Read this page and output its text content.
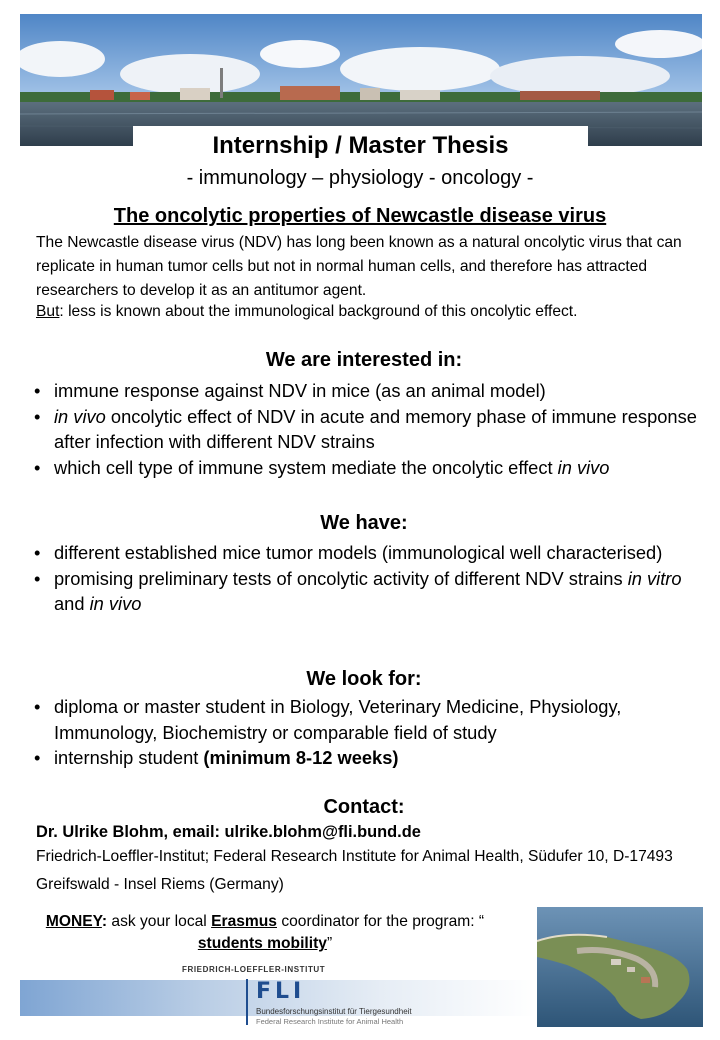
Internship / Master Thesis
- immunology – physiology - oncology -
The oncolytic properties of Newcastle disease virus
The Newcastle disease virus (NDV) has long been known as a natural oncolytic virus that can replicate in human tumor cells but not in normal human cells, and therefore has attracted researchers to develop it as an antitumor agent.
But: less is known about the immunological background of this oncolytic effect.
We are interested in:
• immune response against NDV in mice (as an animal model)
• in vivo oncolytic effect of NDV in acute and memory phase of immune response after infection with different NDV strains
• which cell type of immune system mediate the oncolytic effect in vivo
We have:
• different established mice tumor models (immunological well characterised)
• promising preliminary tests of oncolytic activity of different NDV strains in vitro and in vivo
We look for:
• diploma or master student in Biology, Veterinary Medicine, Physiology, Immunology, Biochemistry or comparable field of study
• internship student (minimum 8-12 weeks)
Contact:
Dr. Ulrike Blohm, email: ulrike.blohm@fli.bund.de
Friedrich-Loeffler-Institut; Federal Research Institute for Animal Health, Südufer 10, D-17493 Greifswald - Insel Riems (Germany)
MONEY: ask your local Erasmus coordinator for the program: “ students mobility”
FRIEDRICH-LOEFFLER-INSTITUT
FLI
Bundesforschungsinstitut für Tiergesundheit
Federal Research Institute for Animal Health
